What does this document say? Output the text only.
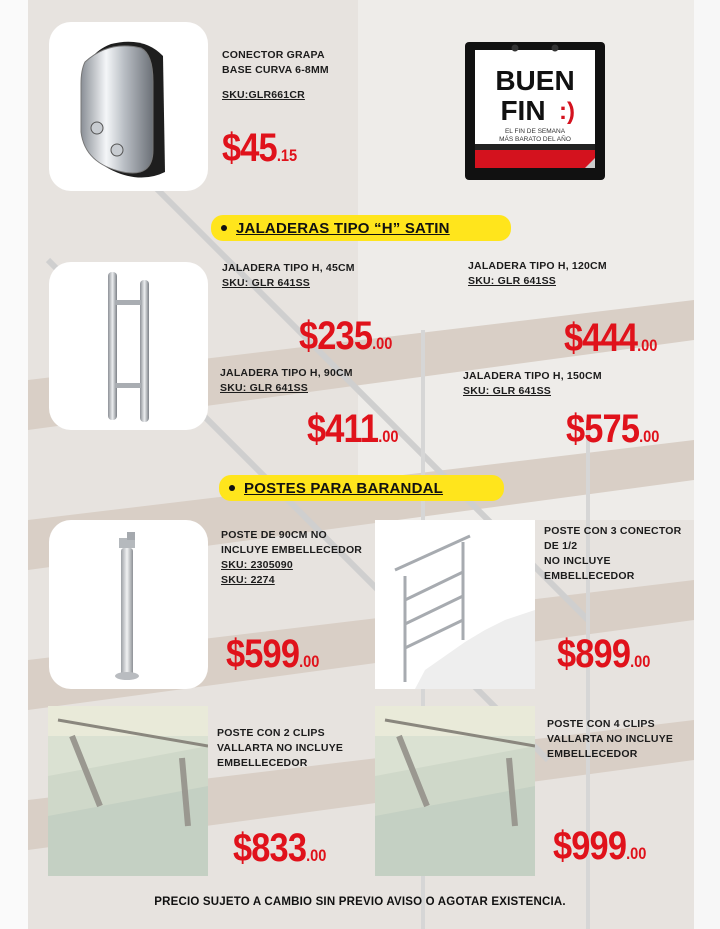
CONECTOR GRAPA
BASE CURVA 6-8MM
SKU:GLR661CR
$45.15
BUEN
FIN :)
EL FIN DE SEMANA
MÁS BARATO DEL AÑO
JALADERAS TIPO “H” SATIN
JALADERA TIPO H, 45CM
SKU: GLR 641SS
JALADERA TIPO H, 120CM
SKU: GLR 641SS
$235.00	$444.00
JALADERA TIPO H, 90CM
SKU: GLR 641SS
JALADERA TIPO H, 150CM
SKU: GLR 641SS
$411.00	$575.00
POSTES PARA BARANDAL
POSTE DE 90CM NO
INCLUYE EMBELLECEDOR
SKU: 2305090
SKU: 2274
$599.00
POSTE CON 3 CONECTOR
DE 1/2
NO INCLUYE
EMBELLECEDOR
$899.00
POSTE CON 2 CLIPS
VALLARTA NO INCLUYE
EMBELLECEDOR
$833.00
POSTE CON 4 CLIPS
VALLARTA NO INCLUYE
EMBELLECEDOR
$999.00
PRECIO SUJETO A CAMBIO SIN PREVIO AVISO O AGOTAR EXISTENCIA.
